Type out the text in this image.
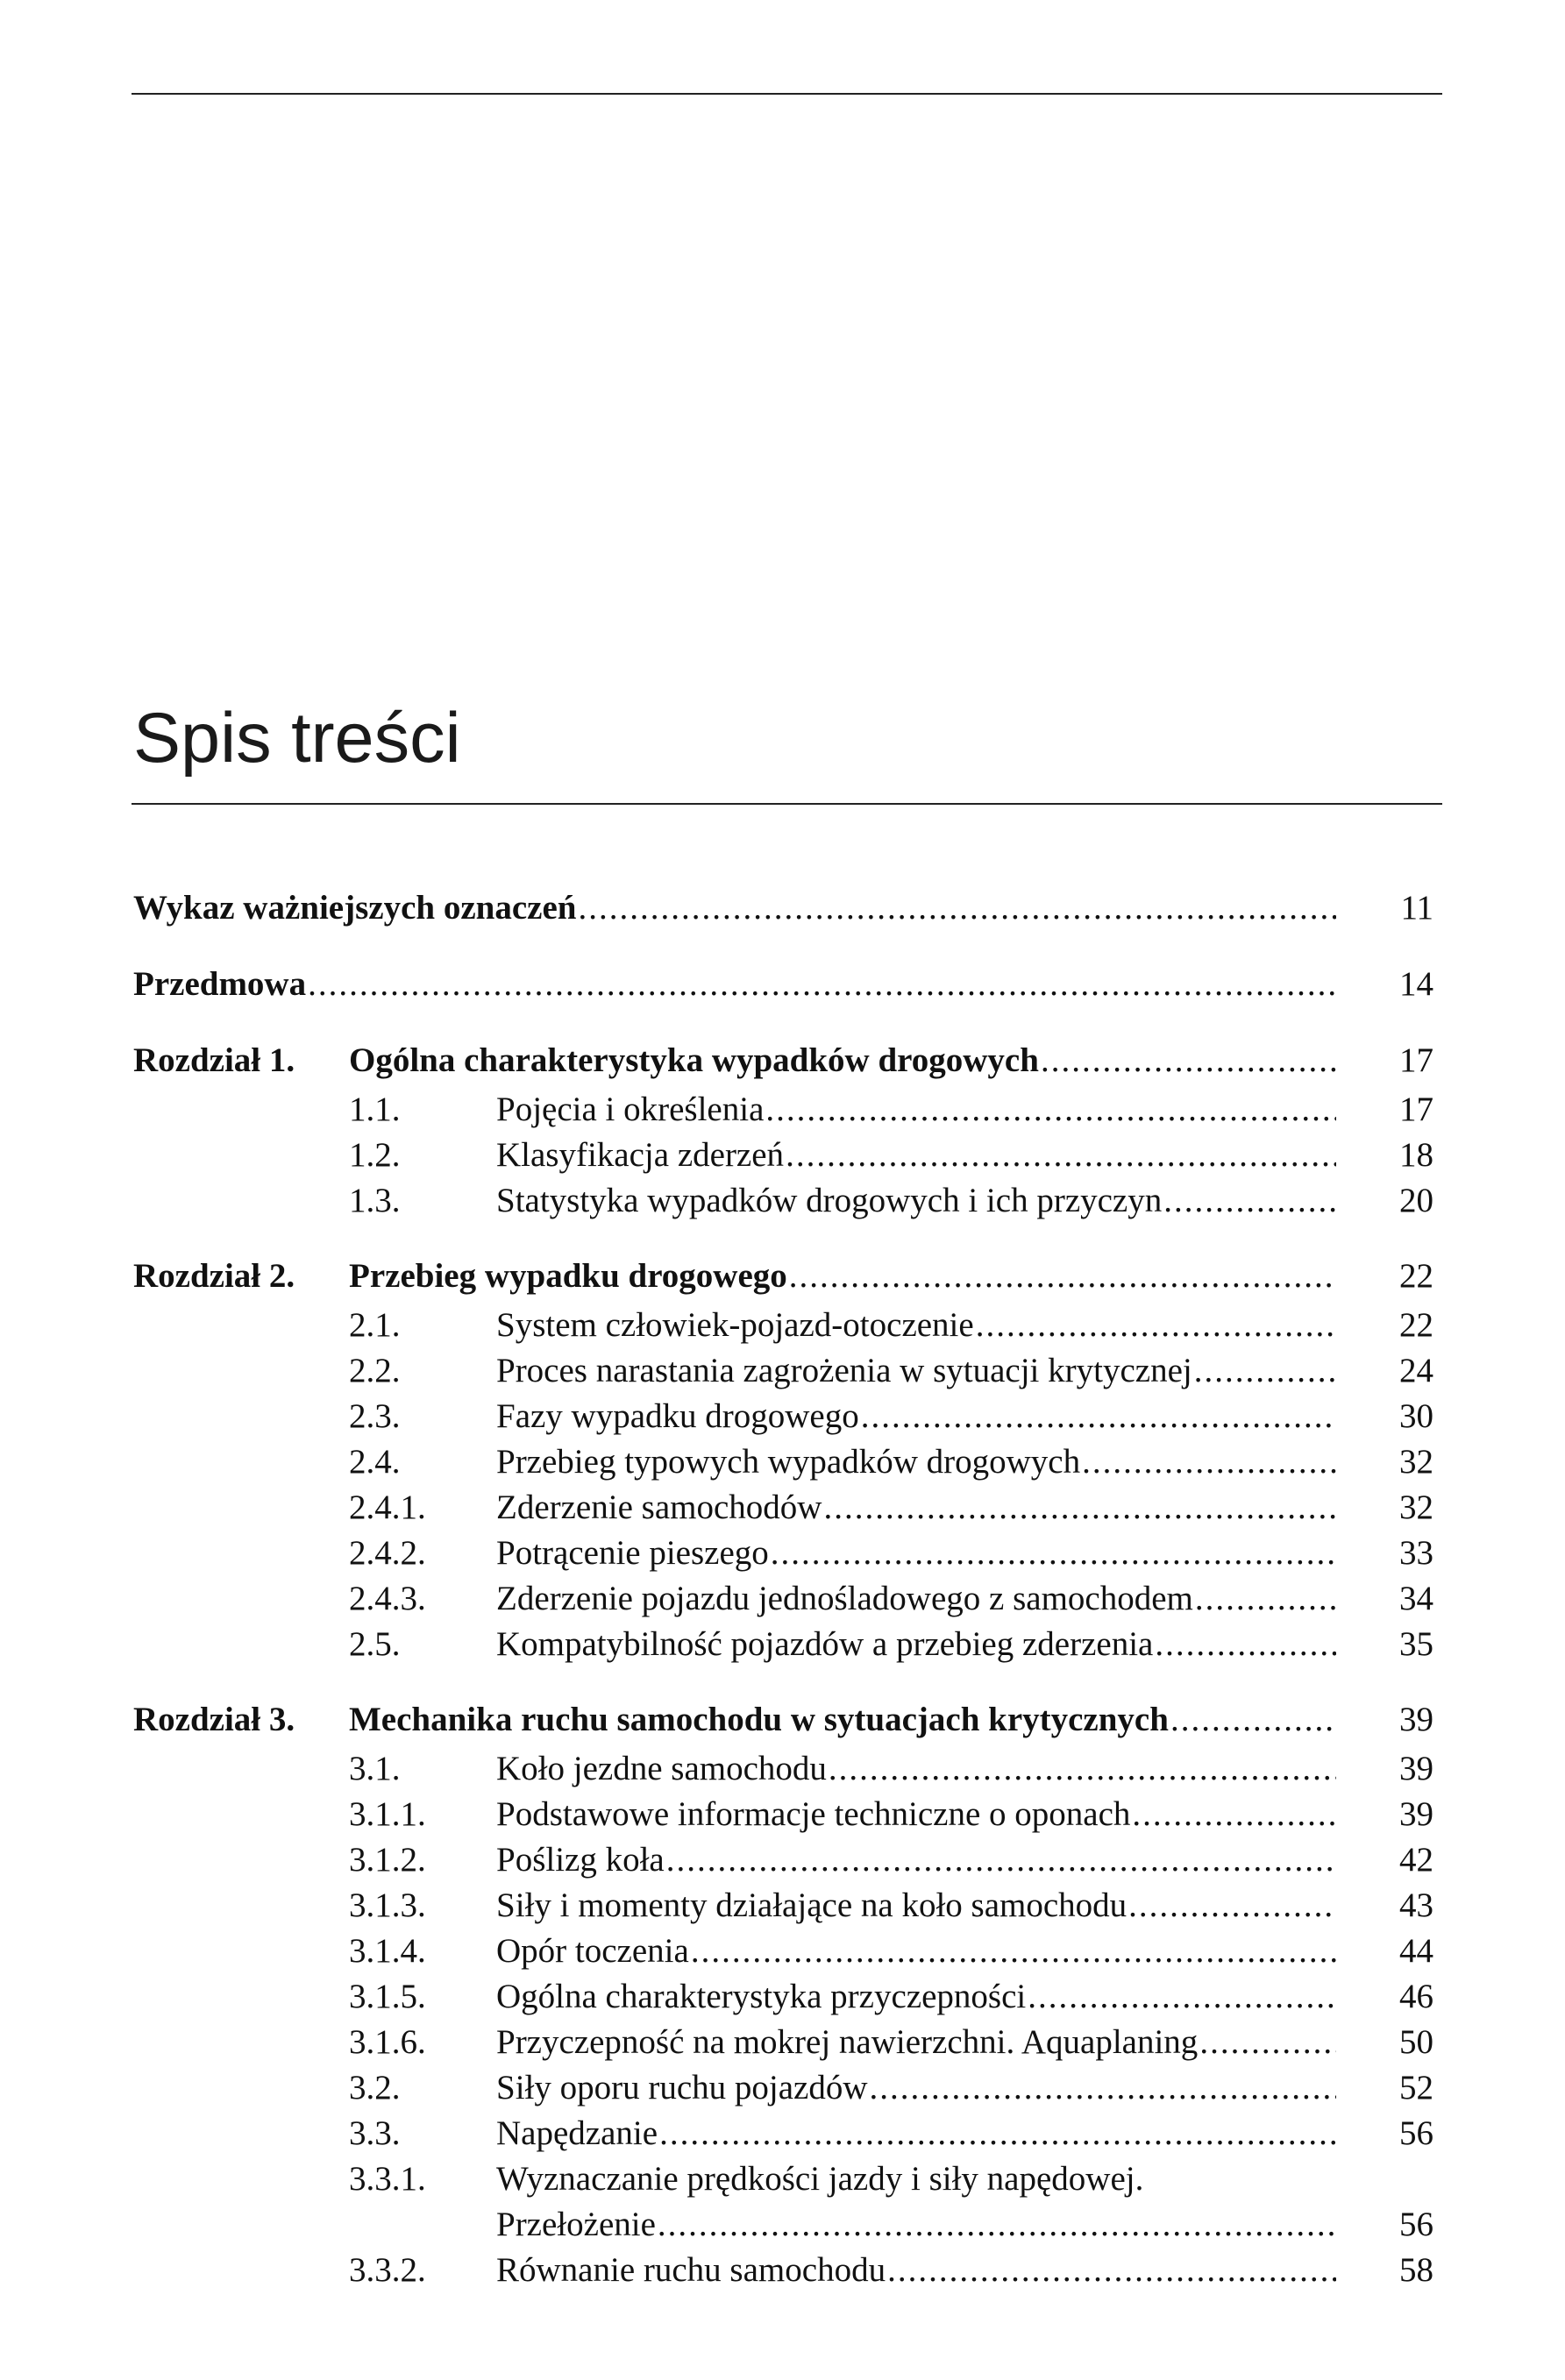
Spis treści
Wykaz ważniejszych oznaczeń .....	11
Przedmowa .....	14
Rozdział 1. Ogólna charakterystyka wypadków drogowych .....	17
1.1.	Pojęcia i określenia .....	17
1.2.	Klasyfikacja zderzeń .....	18
1.3.	Statystyka wypadków drogowych i ich przyczyn .....	20
Rozdział 2. Przebieg wypadku drogowego .....	22
2.1.	System człowiek-pojazd-otoczenie .....	22
2.2.	Proces narastania zagrożenia w sytuacji krytycznej .....	24
2.3.	Fazy wypadku drogowego .....	30
2.4.	Przebieg typowych wypadków drogowych .....	32
2.4.1. Zderzenie samochodów .....	32
2.4.2. Potrącenie pieszego .....	33
2.4.3. Zderzenie pojazdu jednośladowego z samochodem .....	34
2.5.	Kompatybilność pojazdów a przebieg zderzenia .....	35
Rozdział 3. Mechanika ruchu samochodu w sytuacjach krytycznych .....	39
3.1.	Koło jezdne samochodu .....	39
3.1.1. Podstawowe informacje techniczne o oponach .....	39
3.1.2. Poślizg koła .....	42
3.1.3. Siły i momenty działające na koło samochodu .....	43
3.1.4. Opór toczenia .....	44
3.1.5. Ogólna charakterystyka przyczepności .....	46
3.1.6. Przyczepność na mokrej nawierzchni. Aquaplaning .....	50
3.2.	Siły oporu ruchu pojazdów .....	52
3.3.	Napędzanie .....	56
3.3.1. Wyznaczanie prędkości jazdy i siły napędowej.
Przełożenie .....	56
3.3.2. Równanie ruchu samochodu .....	58
